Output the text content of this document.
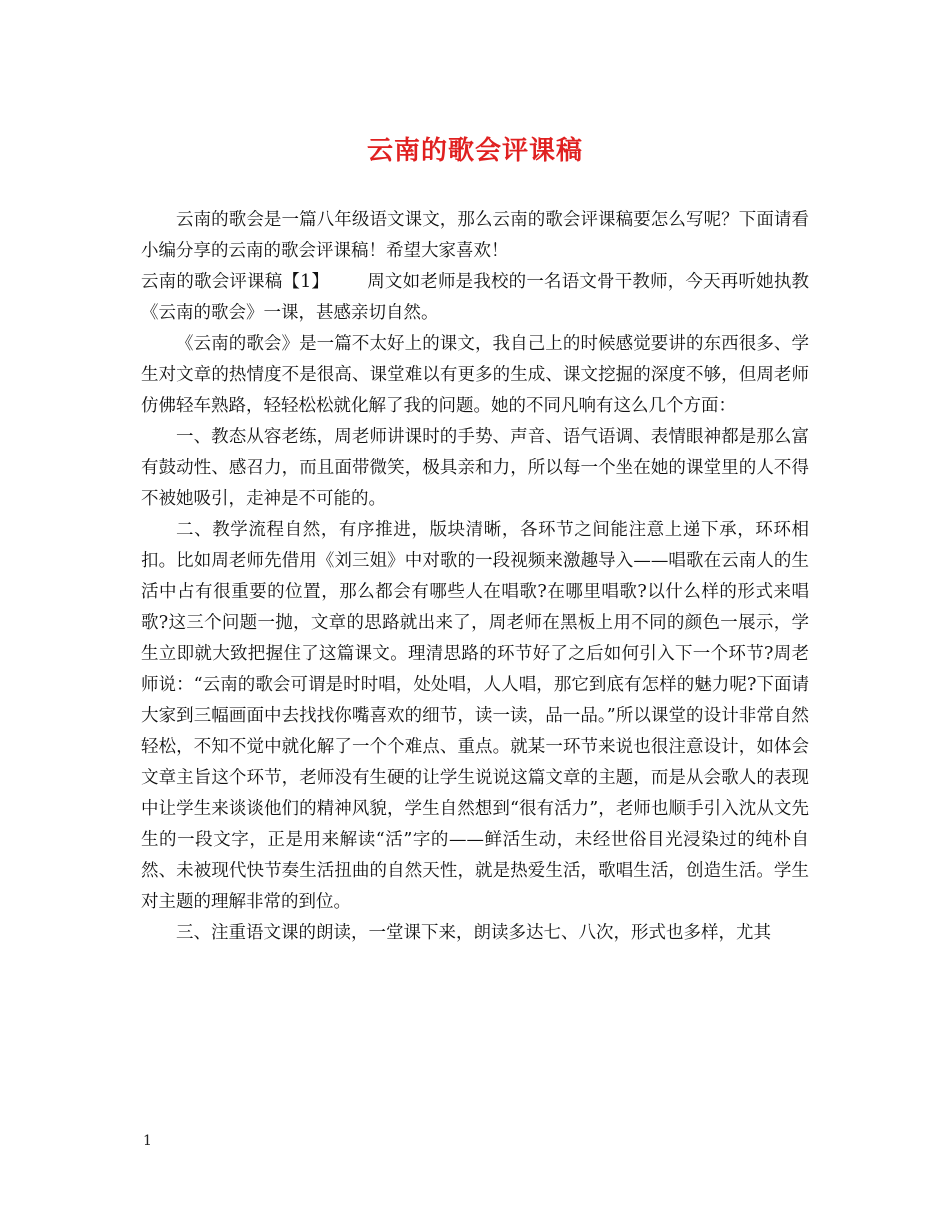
云南的歌会评课稿

云南的歌会是一篇八年级语文课文，那么云南的歌会评课稿要怎么写呢？下面请看小编分享的云南的歌会评课稿！希望大家喜欢！

云南的歌会评课稿【1】 周文如老师是我校的一名语文骨干教师，今天再听她执教《云南的歌会》一课，甚感亲切自然。

《云南的歌会》是一篇不太好上的课文，我自己上的时候感觉要讲的东西很多、学生对文章的热情度不是很高、课堂难以有更多的生成、课文挖掘的深度不够，但周老师仿佛轻车熟路，轻轻松松就化解了我的问题。她的不同凡响有这么几个方面：

一、教态从容老练，周老师讲课时的手势、声音、语气语调、表情眼神都是那么富有鼓动性、感召力，而且面带微笑，极具亲和力，所以每一个坐在她的课堂里的人不得不被她吸引，走神是不可能的。

二、教学流程自然，有序推进，版块清晰，各环节之间能注意上递下承，环环相扣。比如周老师先借用《刘三姐》中对歌的一段视频来激趣导入——唱歌在云南人的生活中占有很重要的位置，那么都会有哪些人在唱歌?在哪里唱歌?以什么样的形式来唱歌?这三个问题一抛，文章的思路就出来了，周老师在黑板上用不同的颜色一展示，学生立即就大致把握住了这篇课文。理清思路的环节好了之后如何引入下一个环节?周老师说：“云南的歌会可谓是时时唱，处处唱，人人唱，那它到底有怎样的魅力呢?下面请大家到三幅画面中去找找你嘴喜欢的细节，读一读，品一品。”所以课堂的设计非常自然轻松，不知不觉中就化解了一个个难点、重点。就某一环节来说也很注意设计，如体会文章主旨这个环节，老师没有生硬的让学生说说这篇文章的主题，而是从会歌人的表现中让学生来谈谈他们的精神风貌，学生自然想到“很有活力”，老师也顺手引入沈从文先生的一段文字，正是用来解读“活”字的——鲜活生动，未经世俗目光浸染过的纯朴自然、未被现代快节奏生活扭曲的自然天性，就是热爱生活，歌唱生活，创造生活。学生对主题的理解非常的到位。

三、注重语文课的朗读，一堂课下来，朗读多达七、八次，形式也多样，尤其

1
